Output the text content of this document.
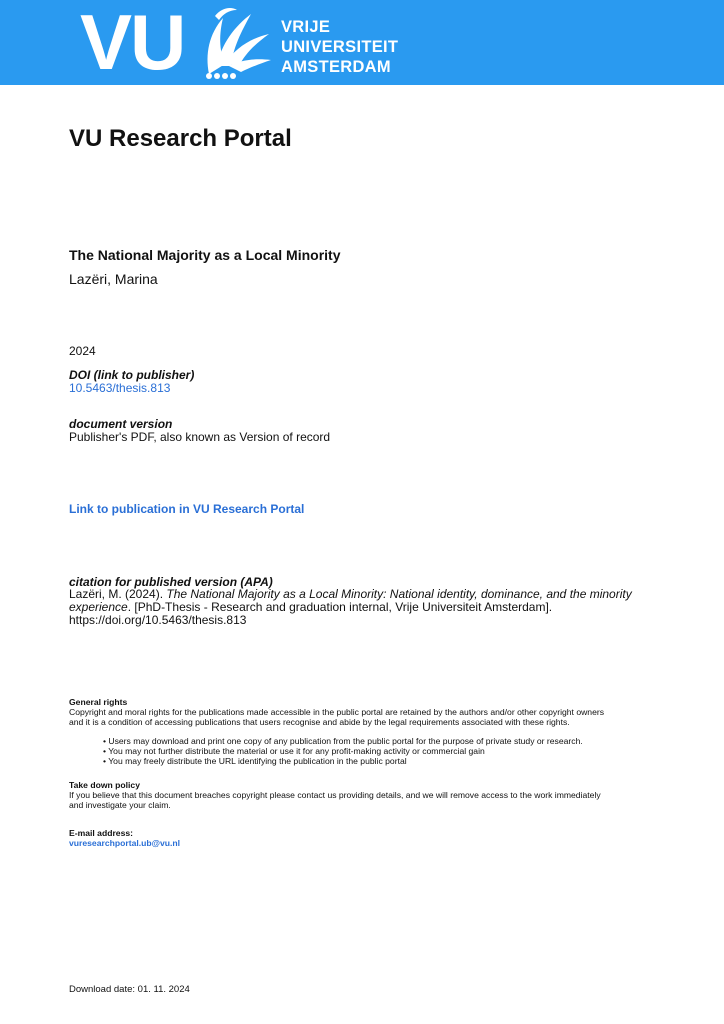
VU	VRIJE
UNIVERSITEIT
AMSTERDAM
VU Research Portal
The National Majority as a Local Minority
Lazëri, Marina
2024
DOI (link to publisher)
10.5463/thesis.813
document version
Publisher's PDF, also known as Version of record
Link to publication in VU Research Portal
citation for published version (APA)
Lazëri, M. (2024). The National Majority as a Local Minority: National identity, dominance, and the minority
experience. [PhD-Thesis - Research and graduation internal, Vrije Universiteit Amsterdam].
https://doi.org/10.5463/thesis.813
General rights
Copyright and moral rights for the publications made accessible in the public portal are retained by the authors and/or other copyright owners
and it is a condition of accessing publications that users recognise and abide by the legal requirements associated with these rights.
• Users may download and print one copy of any publication from the public portal for the purpose of private study or research.
• You may not further distribute the material or use it for any profit-making activity or commercial gain
• You may freely distribute the URL identifying the publication in the public portal
Take down policy
If you believe that this document breaches copyright please contact us providing details, and we will remove access to the work immediately
and investigate your claim.
E-mail address:
vuresearchportal.ub@vu.nl
Download date: 01. 11. 2024
